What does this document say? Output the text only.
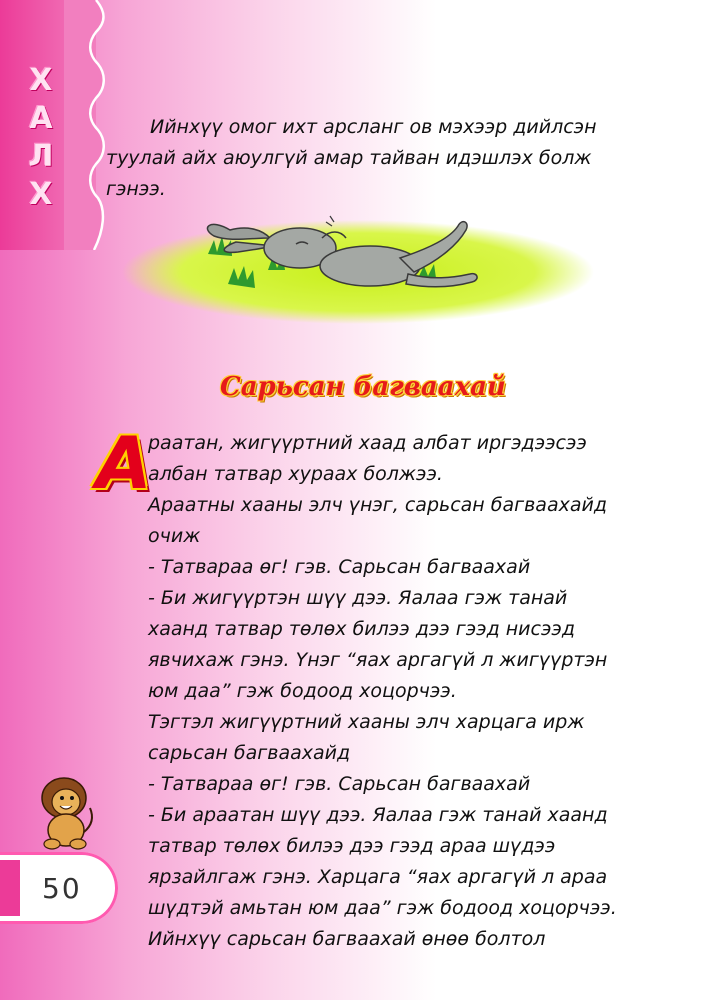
Х
А
Л
Х
Ийнхүү омог ихт арсланг ов мэхээр дийлсэн туулай айх аюулгүй амар тайван идэшлэх болж гэнээ.
Сарьсан багваахай
А

раатан, жигүүртний хаад албат иргэдээсээ

албан татвар хураах болжээ.

Араатны хааны элч үнэг, сарьсан багваахайд очиж

- Татвараа өг! гэв. Сарьсан багваахай

- Би жигүүртэн шүү дээ. Яалаа гэж танай хаанд татвар төлөх билээ дээ гээд нисээд явчихаж гэнэ. Үнэг “яах аргагүй л жигүүртэн юм даа” гэж бодоод хоцорчээ.

Тэгтэл жигүүртний хааны элч харцага ирж сарьсан багваахайд

- Татвараа өг! гэв. Сарьсан багваахай

- Би араатан шүү дээ. Яалаа гэж танай хаанд татвар төлөх билээ дээ гээд араа шүдээ ярзайлгаж гэнэ. Харцага “яах аргагүй л араа шүдтэй амьтан юм даа” гэж бодоод хоцорчээ.

Ийнхүү сарьсан багваахай өнөө болтол

50
